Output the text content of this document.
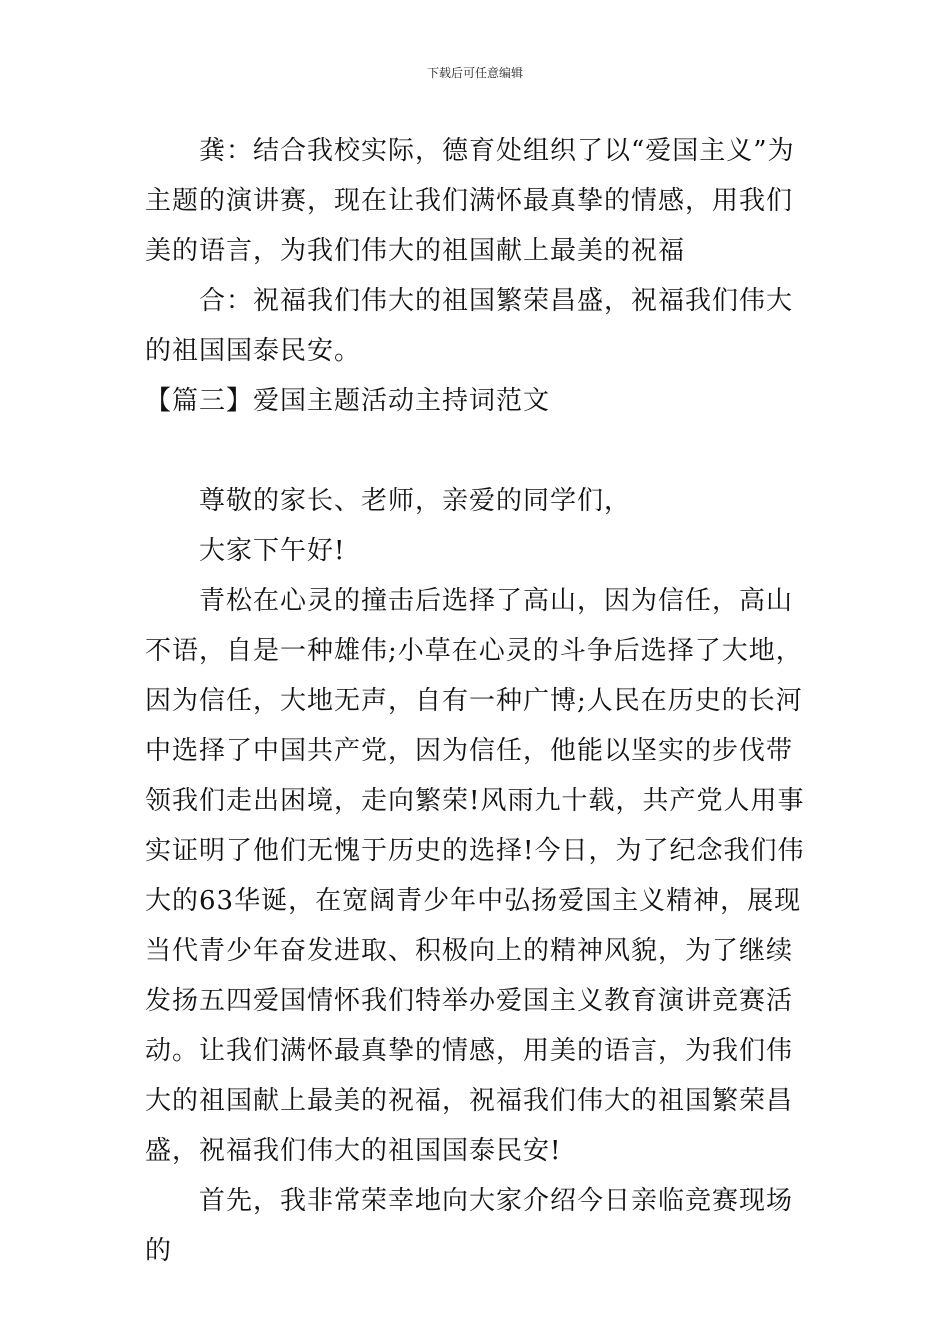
下载后可任意编辑

龚：结合我校实际，德育处组织了以“爱国主义”为主题的演讲赛，现在让我们满怀最真挚的情感，用我们美的语言，为我们伟大的祖国献上最美的祝福

合：祝福我们伟大的祖国繁荣昌盛，祝福我们伟大的祖国国泰民安。

【篇三】爱国主题活动主持词范文

尊敬的家长、老师，亲爱的同学们，

大家下午好!

青松在心灵的撞击后选择了高山，因为信任，高山不语，自是一种雄伟;小草在心灵的斗争后选择了大地，因为信任，大地无声，自有一种广博;人民在历史的长河中选择了中国共产党，因为信任，他能以坚实的步伐带领我们走出困境，走向繁荣!风雨九十载，共产党人用事实证明了他们无愧于历史的选择!今日，为了纪念我们伟大的63华诞，在宽阔青少年中弘扬爱国主义精神，展现当代青少年奋发进取、积极向上的精神风貌，为了继续发扬五四爱国情怀我们特举办爱国主义教育演讲竞赛活动。让我们满怀最真挚的情感，用美的语言，为我们伟大的祖国献上最美的祝福，祝福我们伟大的祖国繁荣昌盛，祝福我们伟大的祖国国泰民安!

首先，我非常荣幸地向大家介绍今日亲临竞赛现场的
